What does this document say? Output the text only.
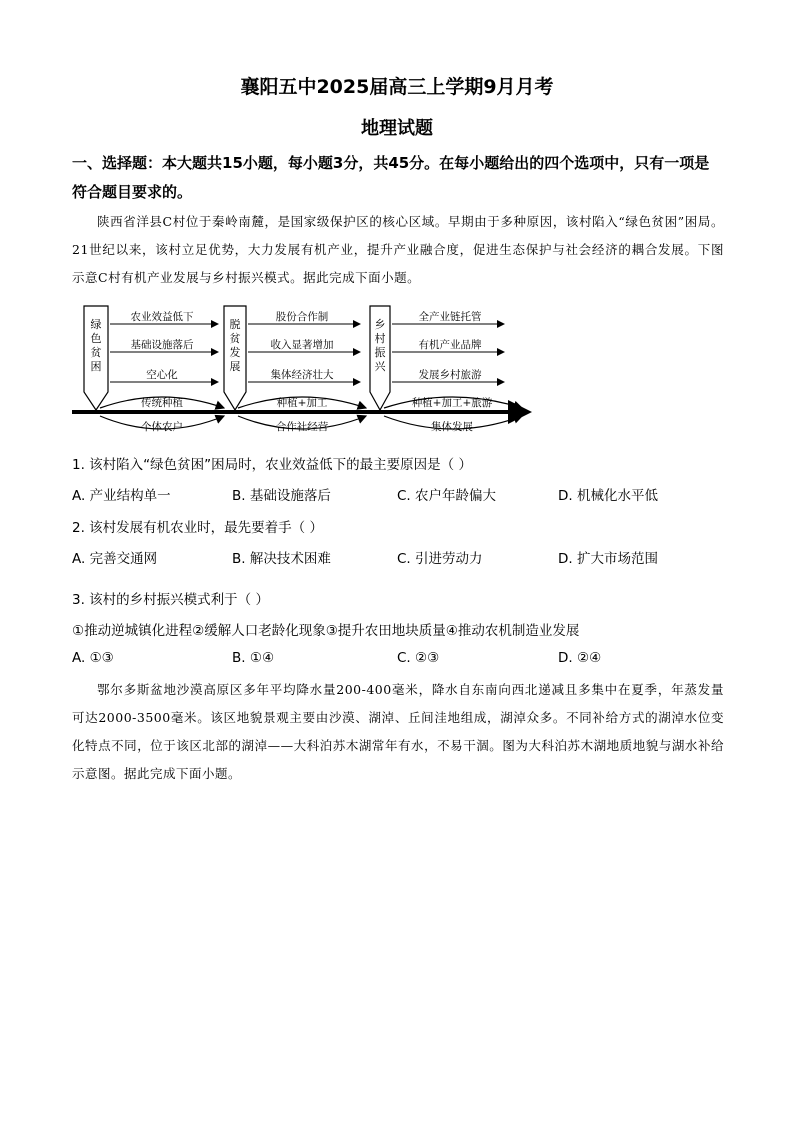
襄阳五中2025届高三上学期9月月考
地理试题
一、选择题：本大题共15小题，每小题3分，共45分。在每小题给出的四个选项中，只有一项是符合题目要求的。
陕西省洋县C村位于秦岭南麓，是国家级保护区的核心区域。早期由于多种原因，该村陷入“绿色贫困”困局。21世纪以来，该村立足优势，大力发展有机产业，提升产业融合度，促进生态保护与社会经济的耦合发展。下图示意C村有机产业发展与乡村振兴模式。据此完成下面小题。
绿色贫困
农业效益低下
基础设施落后
空心化
传统种植
个体农户
脱贫发展
股份合作制
收入显著增加
集体经济壮大
种植+加工
合作社经营
乡村振兴
全产业链托管
有机产业品牌
发展乡村旅游
种植+加工+旅游
集体发展
1. 该村陷入“绿色贫困”困局时，农业效益低下的最主要原因是（ ）
A. 产业结构单一	B. 基础设施落后	C. 农户年龄偏大	D. 机械化水平低
2. 该村发展有机农业时，最先要着手（ ）
A. 完善交通网	B. 解决技术困难	C. 引进劳动力	D. 扩大市场范围
3. 该村的乡村振兴模式利于（ ）
①推动逆城镇化进程②缓解人口老龄化现象③提升农田地块质量④推动农机制造业发展
A. ①③	B. ①④	C. ②③	D. ②④
鄂尔多斯盆地沙漠高原区多年平均降水量200-400毫米，降水自东南向西北递减且多集中在夏季，年蒸发量可达2000-3500毫米。该区地貌景观主要由沙漠、湖淖、丘间洼地组成，湖淖众多。不同补给方式的湖淖水位变化特点不同，位于该区北部的湖淖——大科泊苏木湖常年有水，不易干涸。图为大科泊苏木湖地质地貌与湖水补给示意图。据此完成下面小题。
